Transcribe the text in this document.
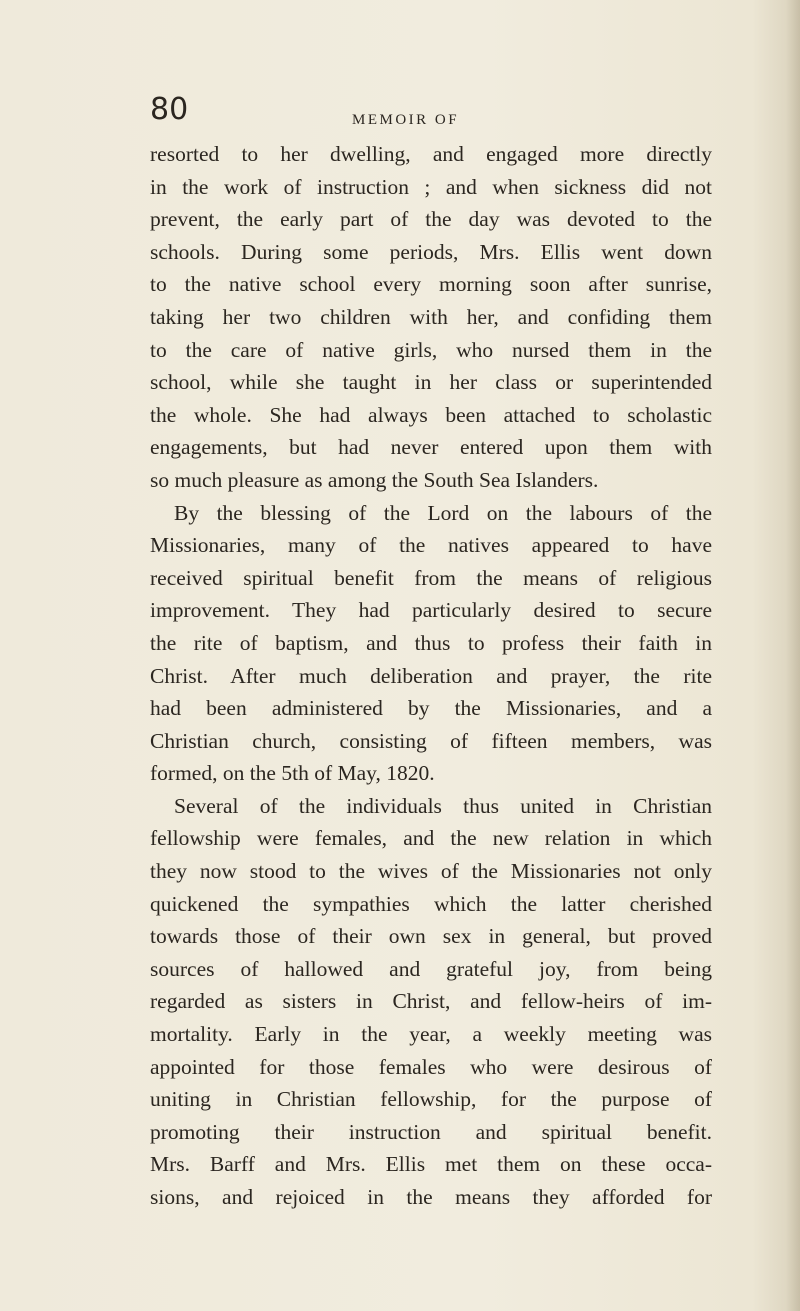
80	MEMOIR OF
resorted to her dwelling, and engaged more directly
in the work of instruction ; and when sickness did not
prevent, the early part of the day was devoted to the
schools. During some periods, Mrs. Ellis went down
to the native school every morning soon after sunrise,
taking her two children with her, and confiding them
to the care of native girls, who nursed them in the
school, while she taught in her class or superintended
the whole. She had always been attached to scholastic
engagements, but had never entered upon them with
so much pleasure as among the South Sea Islanders.
By the blessing of the Lord on the labours of the
Missionaries, many of the natives appeared to have
received spiritual benefit from the means of religious
improvement. They had particularly desired to secure
the rite of baptism, and thus to profess their faith in
Christ. After much deliberation and prayer, the rite
had been administered by the Missionaries, and a
Christian church, consisting of fifteen members, was
formed, on the 5th of May, 1820.
Several of the individuals thus united in Christian
fellowship were females, and the new relation in which
they now stood to the wives of the Missionaries not only
quickened the sympathies which the latter cherished
towards those of their own sex in general, but proved
sources of hallowed and grateful joy, from being
regarded as sisters in Christ, and fellow-heirs of im-
mortality. Early in the year, a weekly meeting was
appointed for those females who were desirous of
uniting in Christian fellowship, for the purpose of
promoting their instruction and spiritual benefit.
Mrs. Barff and Mrs. Ellis met them on these occa-
sions, and rejoiced in the means they afforded for
